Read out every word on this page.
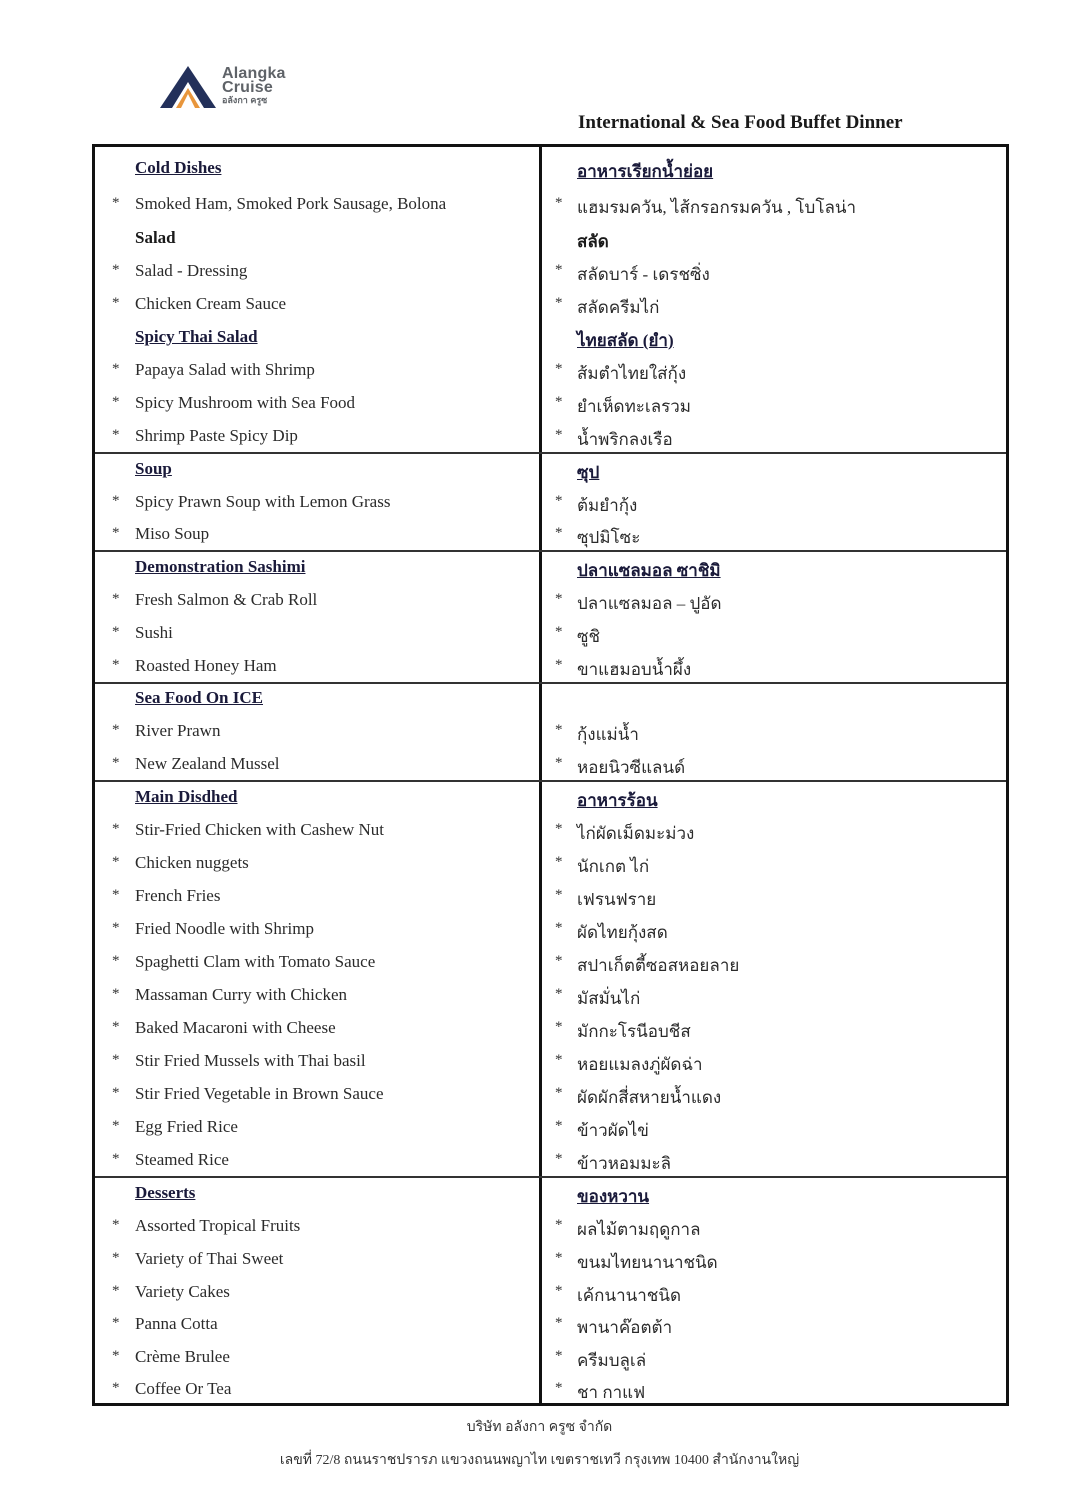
Alangka
Cruise
อลังกา ครูซ
International & Sea Food Buffet Dinner
Cold Dishes	อาหารเรียกน้ำย่อย
* Smoked Ham, Smoked Pork Sausage, Bolona	* แฮมรมควัน, ไส้กรอกรมควัน , โบโลน่า
Salad	สลัด
* Salad - Dressing	* สลัดบาร์ - เดรชซิ่ง
* Chicken Cream Sauce	* สลัดครีมไก่
Spicy Thai Salad	ไทยสลัด (ยำ)
* Papaya Salad with Shrimp	* ส้มตำไทยใส่กุ้ง
* Spicy Mushroom with Sea Food	* ยำเห็ดทะเลรวม
* Shrimp Paste Spicy Dip	* น้ำพริกลงเรือ
Soup	ซุป
* Spicy Prawn Soup with Lemon Grass	* ต้มยำกุ้ง
* Miso Soup	* ซุปมิโซะ
Demonstration Sashimi	ปลาแซลมอล ซาชิมิ
* Fresh Salmon & Crab Roll	* ปลาแซลมอล – ปูอัด
* Sushi	* ซูชิ
* Roasted Honey Ham	* ขาแฮมอบน้ำผึ้ง
Sea Food On ICE
* River Prawn	* กุ้งแม่น้ำ
* New Zealand Mussel	* หอยนิวซีแลนด์
Main Disdhed	อาหารร้อน
* Stir-Fried Chicken with Cashew Nut	* ไก่ผัดเม็ดมะม่วง
* Chicken nuggets	* นักเกต ไก่
* French Fries	* เฟรนฟราย
* Fried Noodle with Shrimp	* ผัดไทยกุ้งสด
* Spaghetti Clam with Tomato Sauce	* สปาเก็ตตี้ซอสหอยลาย
* Massaman Curry with Chicken	* มัสมั่นไก่
* Baked Macaroni with Cheese	* มักกะโรนีอบชีส
* Stir Fried Mussels with Thai basil	* หอยแมลงภู่ผัดฉ่า
* Stir Fried Vegetable in Brown Sauce	* ผัดผักสี่สหายน้ำแดง
* Egg Fried Rice	* ข้าวผัดไข่
* Steamed Rice	* ข้าวหอมมะลิ
Desserts	ของหวาน
* Assorted Tropical Fruits	* ผลไม้ตามฤดูกาล
* Variety of Thai Sweet	* ขนมไทยนานาชนิด
* Variety Cakes	* เค้กนานาชนิด
* Panna Cotta	* พานาค๊อตต้า
* Crème Brulee	* ครีมบลูเล่
* Coffee Or Tea	* ชา กาแฟ
บริษัท อลังกา ครูซ จำกัด
เลขที่ 72/8 ถนนราชปรารภ แขวงถนนพญาไท เขตราชเทวี กรุงเทพ 10400 สำนักงานใหญ่
